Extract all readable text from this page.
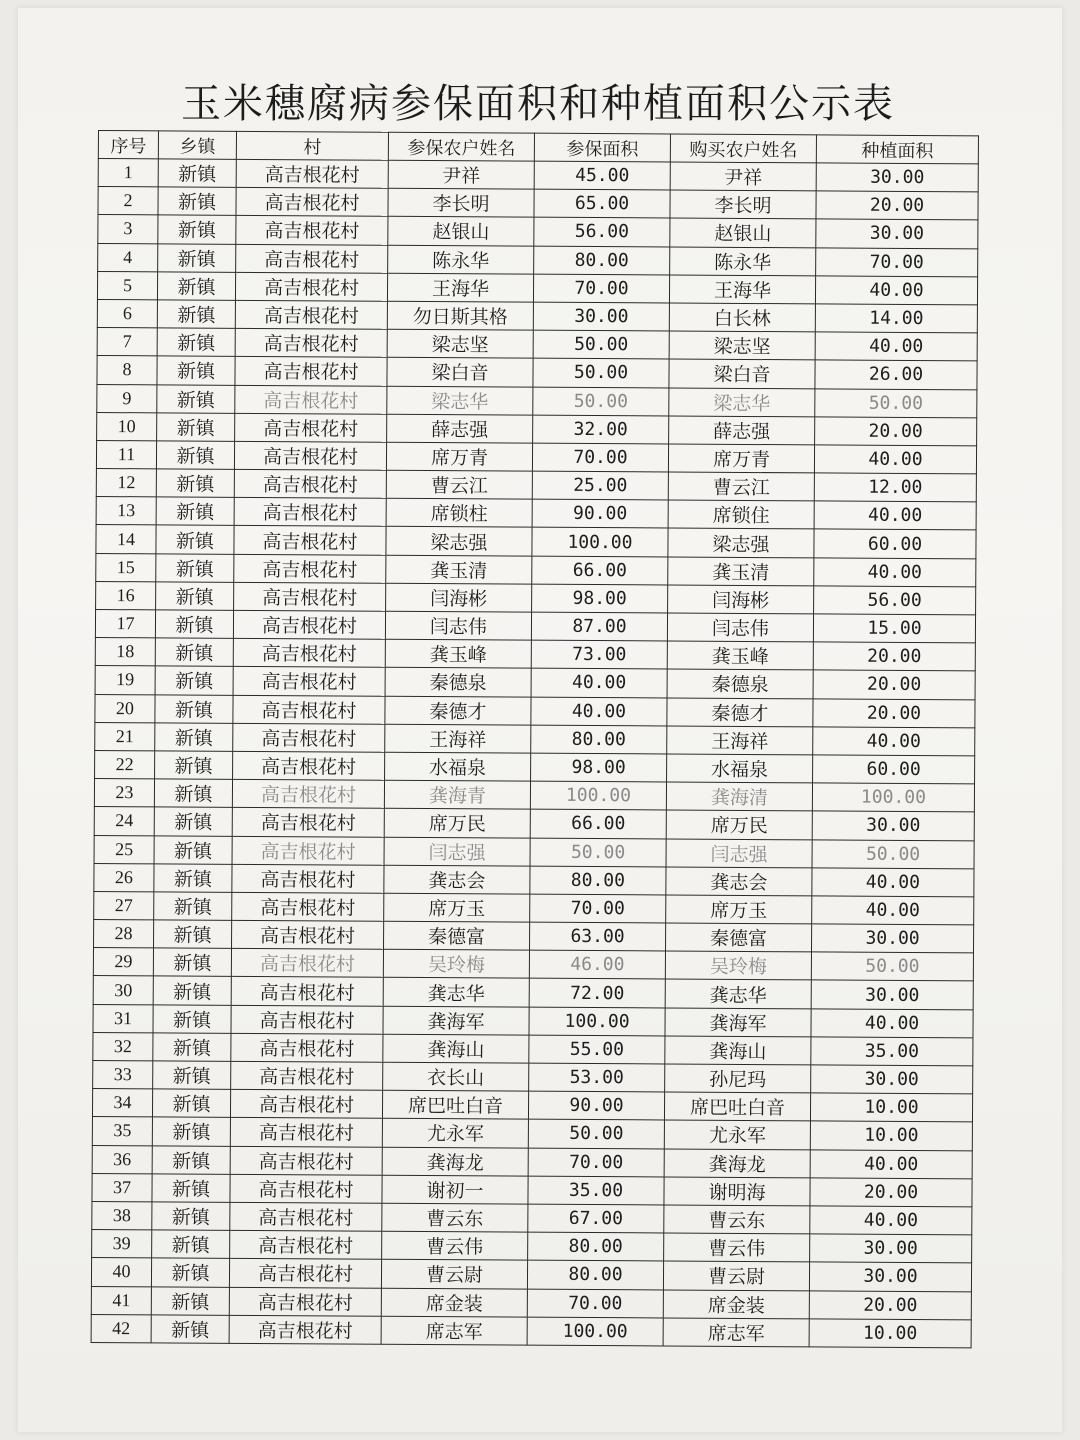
玉米穗腐病参保面积和种植面积公示表
序号	乡镇	村	参保农户姓名	参保面积	购买农户姓名	种植面积
1	新镇	高吉根花村	尹祥	45.00	尹祥	30.00
2	新镇	高吉根花村	李长明	65.00	李长明	20.00
3	新镇	高吉根花村	赵银山	56.00	赵银山	30.00
4	新镇	高吉根花村	陈永华	80.00	陈永华	70.00
5	新镇	高吉根花村	王海华	70.00	王海华	40.00
6	新镇	高吉根花村	勿日斯其格	30.00	白长林	14.00
7	新镇	高吉根花村	梁志坚	50.00	梁志坚	40.00
8	新镇	高吉根花村	梁白音	50.00	梁白音	26.00
9	新镇	高吉根花村	梁志华	50.00	梁志华	50.00
10	新镇	高吉根花村	薛志强	32.00	薛志强	20.00
11	新镇	高吉根花村	席万青	70.00	席万青	40.00
12	新镇	高吉根花村	曹云江	25.00	曹云江	12.00
13	新镇	高吉根花村	席锁柱	90.00	席锁住	40.00
14	新镇	高吉根花村	梁志强	100.00	梁志强	60.00
15	新镇	高吉根花村	龚玉清	66.00	龚玉清	40.00
16	新镇	高吉根花村	闫海彬	98.00	闫海彬	56.00
17	新镇	高吉根花村	闫志伟	87.00	闫志伟	15.00
18	新镇	高吉根花村	龚玉峰	73.00	龚玉峰	20.00
19	新镇	高吉根花村	秦德泉	40.00	秦德泉	20.00
20	新镇	高吉根花村	秦德才	40.00	秦德才	20.00
21	新镇	高吉根花村	王海祥	80.00	王海祥	40.00
22	新镇	高吉根花村	水福泉	98.00	水福泉	60.00
23	新镇	高吉根花村	龚海青	100.00	龚海清	100.00
24	新镇	高吉根花村	席万民	66.00	席万民	30.00
25	新镇	高吉根花村	闫志强	50.00	闫志强	50.00
26	新镇	高吉根花村	龚志会	80.00	龚志会	40.00
27	新镇	高吉根花村	席万玉	70.00	席万玉	40.00
28	新镇	高吉根花村	秦德富	63.00	秦德富	30.00
29	新镇	高吉根花村	吴玲梅	46.00	吴玲梅	50.00
30	新镇	高吉根花村	龚志华	72.00	龚志华	30.00
31	新镇	高吉根花村	龚海军	100.00	龚海军	40.00
32	新镇	高吉根花村	龚海山	55.00	龚海山	35.00
33	新镇	高吉根花村	衣长山	53.00	孙尼玛	30.00
34	新镇	高吉根花村	席巴吐白音	90.00	席巴吐白音	10.00
35	新镇	高吉根花村	尤永军	50.00	尤永军	10.00
36	新镇	高吉根花村	龚海龙	70.00	龚海龙	40.00
37	新镇	高吉根花村	谢初一	35.00	谢明海	20.00
38	新镇	高吉根花村	曹云东	67.00	曹云东	40.00
39	新镇	高吉根花村	曹云伟	80.00	曹云伟	30.00
40	新镇	高吉根花村	曹云尉	80.00	曹云尉	30.00
41	新镇	高吉根花村	席金装	70.00	席金装	20.00
42	新镇	高吉根花村	席志军	100.00	席志军	10.00
